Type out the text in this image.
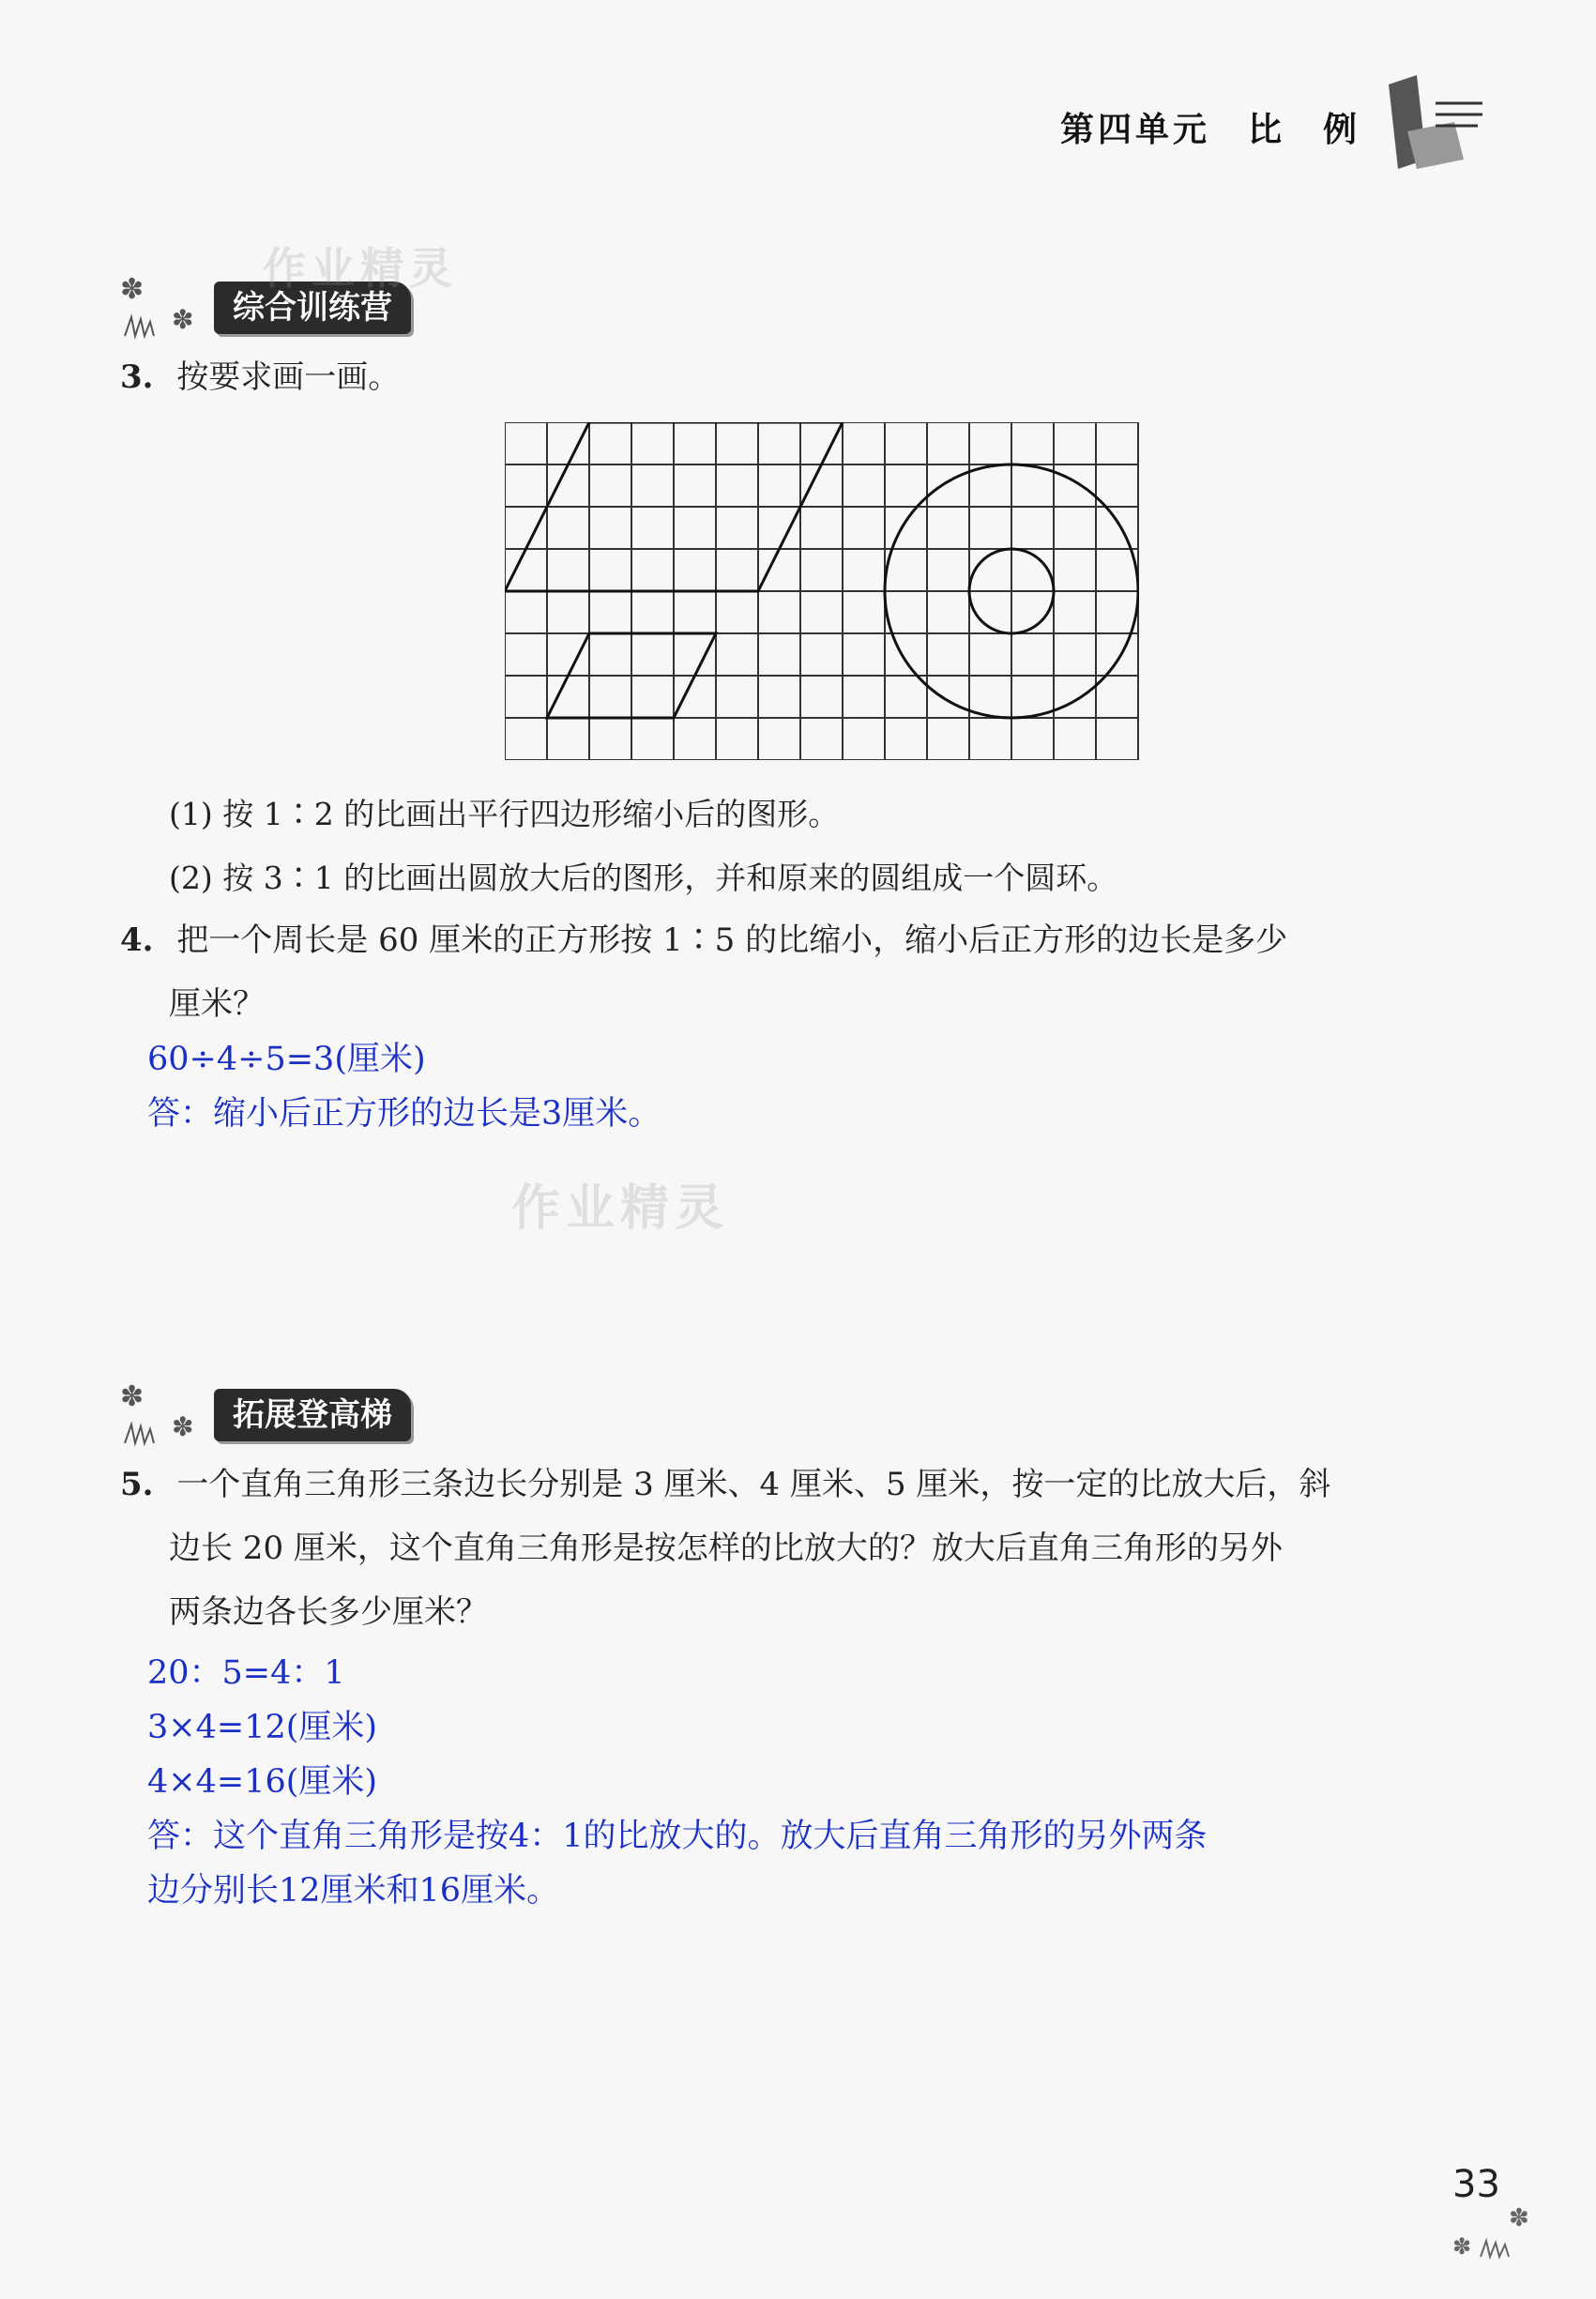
第四单元　比　例
✽
✽	综合训练营
作业精灵
3. 按要求画一画。
(1) 按 1∶2 的比画出平行四边形缩小后的图形。
(2) 按 3∶1 的比画出圆放大后的图形，并和原来的圆组成一个圆环。
4. 把一个周长是 60 厘米的正方形按 1∶5 的比缩小，缩小后正方形的边长是多少
厘米？
60÷4÷5=3(厘米)
答：缩小后正方形的边长是3厘米。
作业精灵
✽
✽	拓展登高梯
5. 一个直角三角形三条边长分别是 3 厘米、4 厘米、5 厘米，按一定的比放大后，斜
边长 20 厘米，这个直角三角形是按怎样的比放大的？放大后直角三角形的另外
两条边各长多少厘米？
20：5=4：1
3×4=12(厘米)
4×4=16(厘米)
答：这个直角三角形是按4：1的比放大的。放大后直角三角形的另外两条
边分别长12厘米和16厘米。
33
✽
✽
